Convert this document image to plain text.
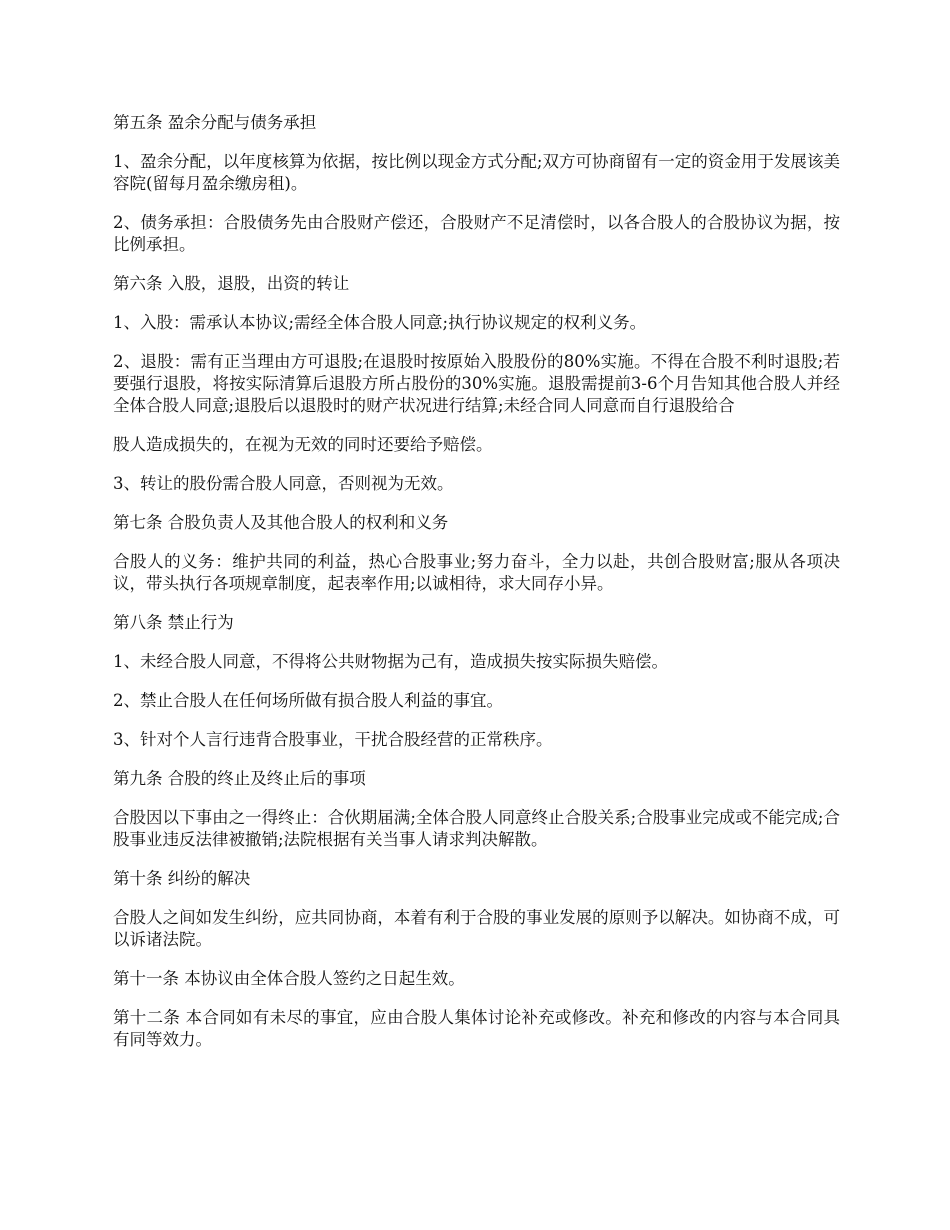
第五条 盈余分配与债务承担

1、盈余分配，以年度核算为依据，按比例以现金方式分配;双方可协商留有一定的资金用于发展该美容院(留每月盈余缴房租)。

2、债务承担：合股债务先由合股财产偿还，合股财产不足清偿时，以各合股人的合股协议为据，按比例承担。

第六条 入股，退股，出资的转让

1、入股：需承认本协议;需经全体合股人同意;执行协议规定的权利义务。

2、退股：需有正当理由方可退股;在退股时按原始入股股份的80%实施。不得在合股不利时退股;若要强行退股，将按实际清算后退股方所占股份的30%实施。退股需提前3-6个月告知其他合股人并经全体合股人同意;退股后以退股时的财产状况进行结算;未经合同人同意而自行退股给合

股人造成损失的，在视为无效的同时还要给予赔偿。

3、转让的股份需合股人同意，否则视为无效。

第七条 合股负责人及其他合股人的权利和义务

合股人的义务：维护共同的利益，热心合股事业;努力奋斗，全力以赴，共创合股财富;服从各项决议，带头执行各项规章制度，起表率作用;以诚相待，求大同存小异。

第八条 禁止行为

1、未经合股人同意，不得将公共财物据为己有，造成损失按实际损失赔偿。

2、禁止合股人在任何场所做有损合股人利益的事宜。

3、针对个人言行违背合股事业，干扰合股经营的正常秩序。

第九条 合股的终止及终止后的事项

合股因以下事由之一得终止：合伙期届满;全体合股人同意终止合股关系;合股事业完成或不能完成;合股事业违反法律被撤销;法院根据有关当事人请求判决解散。

第十条 纠纷的解决

合股人之间如发生纠纷，应共同协商，本着有利于合股的事业发展的原则予以解决。如协商不成，可以诉诸法院。

第十一条 本协议由全体合股人签约之日起生效。

第十二条 本合同如有未尽的事宜，应由合股人集体讨论补充或修改。补充和修改的内容与本合同具有同等效力。
